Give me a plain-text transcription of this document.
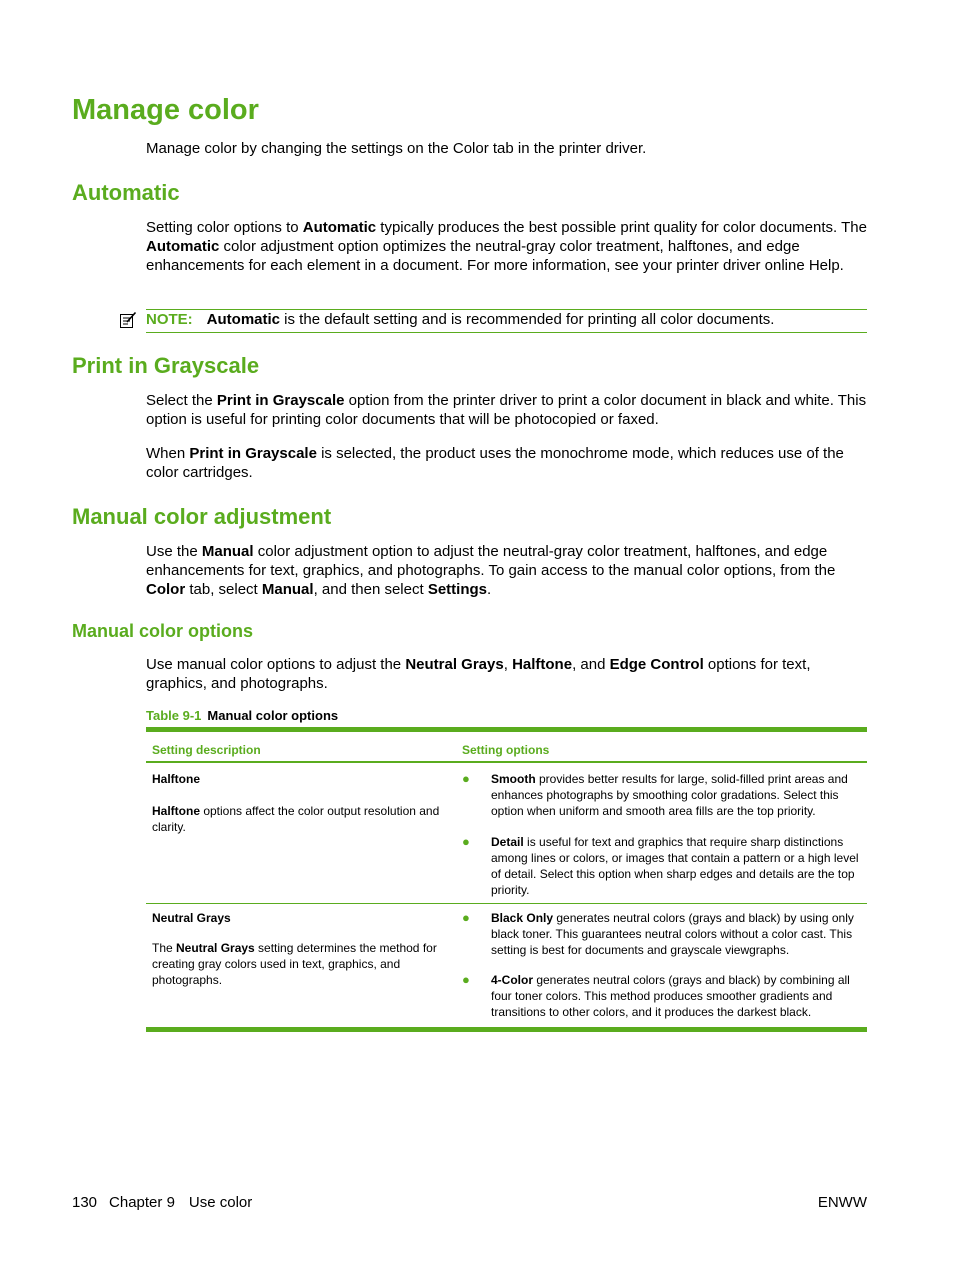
Manage color

Manage color by changing the settings on the Color tab in the printer driver.

Automatic

Setting color options to Automatic typically produces the best possible print quality for color documents. The Automatic color adjustment option optimizes the neutral-gray color treatment, halftones, and edge enhancements for each element in a document. For more information, see your printer driver online Help.

NOTE: Automatic is the default setting and is recommended for printing all color documents.
Print in Grayscale

Select the Print in Grayscale option from the printer driver to print a color document in black and white. This option is useful for printing color documents that will be photocopied or faxed.

When Print in Grayscale is selected, the product uses the monochrome mode, which reduces use of the color cartridges.

Manual color adjustment

Use the Manual color adjustment option to adjust the neutral-gray color treatment, halftones, and edge enhancements for text, graphics, and photographs. To gain access to the manual color options, from the Color tab, select Manual, and then select Settings.

Manual color options

Use manual color options to adjust the Neutral Grays, Halftone, and Edge Control options for text, graphics, and photographs.

Table 9-1 Manual color options
Setting description	Setting options
Halftone
Halftone options affect the color output resolution and clarity.
● Smooth provides better results for large, solid-filled print areas and enhances photographs by smoothing color gradations. Select this option when uniform and smooth area fills are the top priority.
● Detail is useful for text and graphics that require sharp distinctions among lines or colors, or images that contain a pattern or a high level of detail. Select this option when sharp edges and details are the top priority.
Neutral Grays
The Neutral Grays setting determines the method for creating gray colors used in text, graphics, and photographs.
● Black Only generates neutral colors (grays and black) by using only black toner. This guarantees neutral colors without a color cast. This setting is best for documents and grayscale viewgraphs.
● 4-Color generates neutral colors (grays and black) by combining all four toner colors. This method produces smoother gradients and transitions to other colors, and it produces the darkest black.
130 Chapter 9 Use color	ENWW
